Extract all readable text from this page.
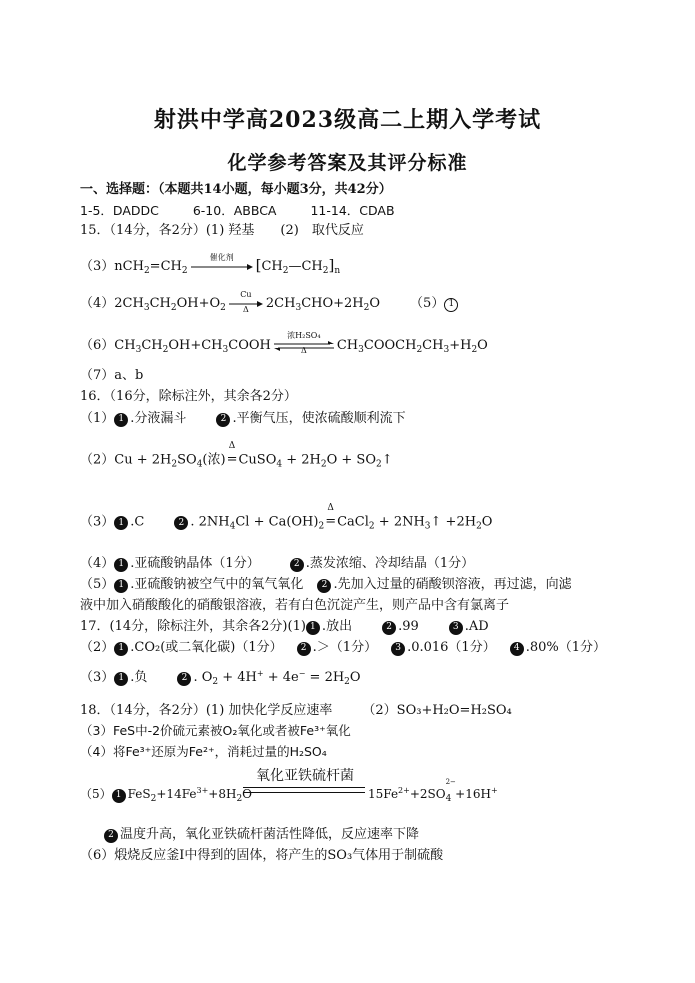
射洪中学高2023级高二上期入学考试
化学参考答案及其评分标准
一、选择题：（本题共14小题，每小题3分，共42分）
1-5．DADDC	6-10．ABBCA	11-14．CDAB
15．（14分，各2分）(1) 羟基　　(2)　取代反应
$(3)nCH_2=CH_2$
催化剂	$[CH_2—CH_2]_n$
$(4)2CH_3CH_2OH+O_2$
Cu
Δ	$2CH_3CHO+2H_2O$ （5） 1
$(6)CH_3CH_2OH+CH_3COOH$
浓H₂SO₄
Δ	$CH_3COOCH_2CH_3+H_2O$
（7）a、b
16．（16分，除标注外，其余各2分）
（1） 1 .分液漏斗	2 .平衡气压，使浓硫酸顺利流下
$(2)Cu + 2H_2SO_4$(浓)
Δ
=CuSO$_4$ + $2H_2O$ + $SO_2↑$
（3） 1 .C	2 . $2NH_4Cl + Ca(OH)_2$
Δ
=CaCl$_2$ + $2NH_3↑ +2H_2O$
（4） 1 .亚硫酸钠晶体（1分）	2 .蒸发浓缩、冷却结晶（1分）
（5） 1 .亚硫酸钠被空气中的氧气氧化 2 .先加入过量的硝酸钡溶液，再过滤，向滤
液中加入硝酸酸化的硝酸银溶液，若有白色沉淀产生，则产品中含有氯离子
17．(14分，除标注外，其余各2分)(1) 1 .放出	2 .99	3 .AD
（2） 1 .CO₂(或二氧化碳)（1分） 2 .＞（1分） 3 .0.016（1分） 4 .80%（1分）
（3） 1 .负	2 . $O_2 + 4H^+ + 4e^- = 2H_2O$
18．（14分，各2分）(1) 加快化学反应速率 （2）SO₃+H₂O=H₂SO₄
（3）FeS中-2价硫元素被O₂氧化或者被Fe³⁺氧化
（4）将Fe³⁺还原为Fe²⁺，消耗过量的H₂SO₄
氧化亚铁硫杆菌
（5） 1 $FeS_2+14Fe^{3+}+8H_2O$	$15Fe^{2+}+2SO$
$_{2- 4}$ +16H+
2 温度升高，氧化亚铁硫杆菌活性降低，反应速率下降
（6）煅烧反应釜Ⅰ中得到的固体，将产生的SO₃气体用于制硫酸
